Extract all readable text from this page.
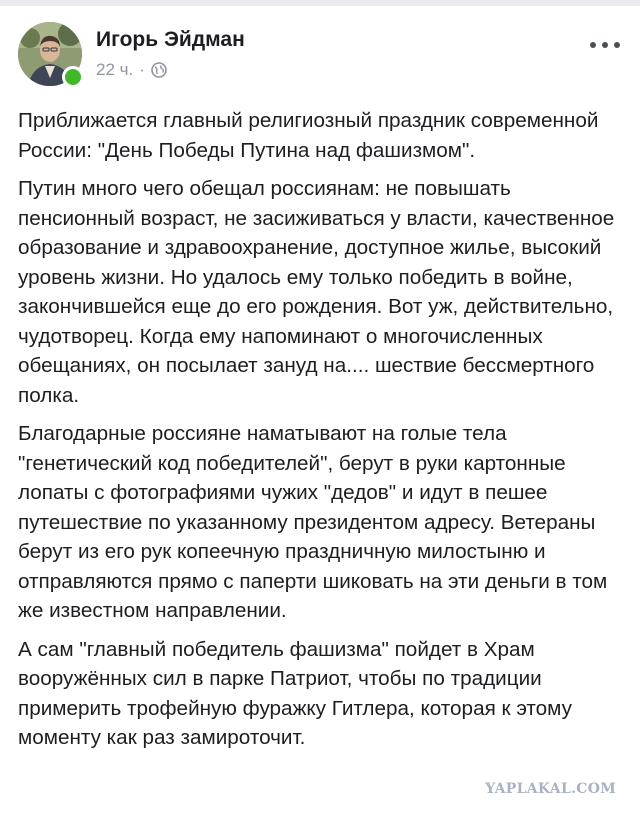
Игорь Эйдман
22 ч. ·

Приближается главный религиозный праздник современной России: "День Победы Путина над фашизмом".

Путин много чего обещал россиянам: не повышать пенсионный возраст, не засиживаться у власти, качественное образование и здравоохранение, доступное жилье, высокий уровень жизни. Но удалось ему только победить в войне, закончившейся еще до его рождения. Вот уж, действительно, чудотворец. Когда ему напоминают о многочисленных обещаниях, он посылает зануд на.... шествие бессмертного полка.

Благодарные россияне наматывают на голые тела "генетический код победителей", берут в руки картонные лопаты с фотографиями чужих "дедов" и идут в пешее путешествие по указанному президентом адресу. Ветераны берут из его рук копеечную праздничную милостыню и отправляются прямо с паперти шиковать на эти деньги в том же известном направлении.

А сам "главный победитель фашизма" пойдет в Храм вооружённых сил в парке Патриот, чтобы по традиции примерить трофейную фуражку Гитлера, которая к этому моменту как раз замироточит.

YAPLAKAL.COM
